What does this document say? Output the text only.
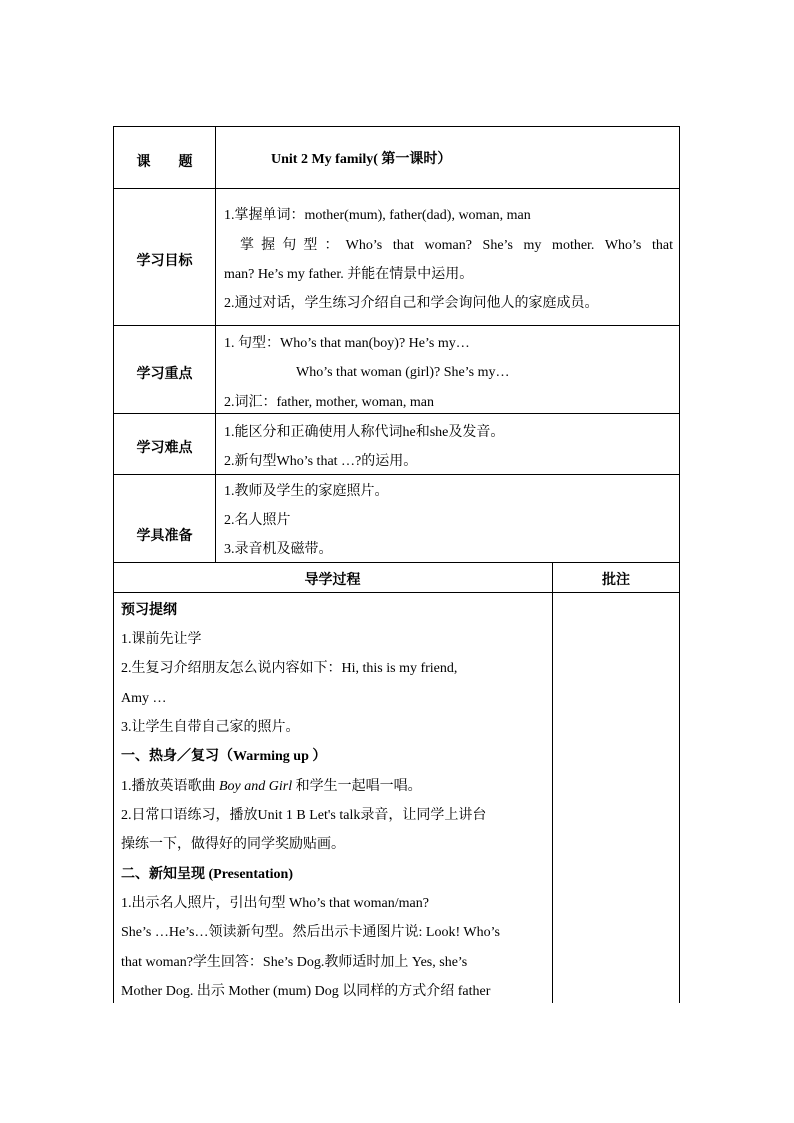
课　　题	Unit 2 My family( 第一课时）
学习目标
1.掌握单词：mother(mum), father(dad), woman, man
掌握句型：Who’s that woman? She’s my mother. Who’s that
man? He’s my father. 并能在情景中运用。
2.通过对话，学生练习介绍自己和学会询问他人的家庭成员。
学习重点
1. 句型：Who’s that man(boy)? He’s my…
Who’s that woman (girl)? She’s my…
2.词汇：father, mother, woman, man
学习难点
1.能区分和正确使用人称代词he和she及发音。
2.新句型Who’s that …?的运用。
学具准备
1.教师及学生的家庭照片。
2.名人照片
3.录音机及磁带。
导学过程	批注
预习提纲
1.课前先让学
2.生复习介绍朋友怎么说内容如下：Hi, this is my friend,
Amy …
3.让学生自带自己家的照片。
一、热身／复习（Warming up ）
1.播放英语歌曲 Boy and Girl 和学生一起唱一唱。
2.日常口语练习，播放Unit 1 B Let's talk录音，让同学上讲台
操练一下，做得好的同学奖励贴画。
二、新知呈现 (Presentation)
1.出示名人照片，引出句型 Who’s that woman/man?
She’s …He’s…领读新句型。然后出示卡通图片说: Look! Who’s
that woman?学生回答：She’s Dog.教师适时加上 Yes, she’s
Mother Dog. 出示 Mother (mum) Dog 以同样的方式介绍 father
